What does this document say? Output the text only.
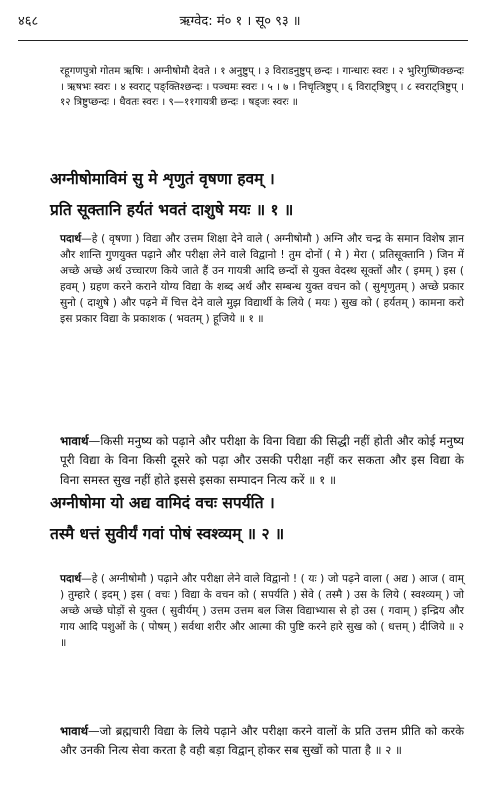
४६८	ऋग्वेद: मं० १ । सू० ९३ ॥

रहूगणपुत्रो गोतम ऋषिः । अग्नीषोमौ देवते । १ अनुष्टुप् । ३ विराडनुष्टुप् छन्दः । गान्धारः स्वरः । २ भुरिगुष्णिक्छन्दः । ऋषभः स्वरः । ४ स्वराट् पङ्क्तिश्छन्दः । पञ्चमः स्वरः । ५ । ७ । निचृत्त्रिष्टुप् । ६ विराट्त्रिष्टुप् । ८ स्वराट्त्रिष्टुप् । १२ त्रिष्टुप्छन्दः । धैवतः स्वरः । ९—११गायत्री छन्दः । षड्जः स्वरः ॥

अग्नीषोमाविमं सु मे शृणुतं वृषणा हवम् ।
प्रति सूक्तानि हर्यतं भवतं दाशुषे मयः ॥ १ ॥

पदार्थ—हे ( वृषणा ) विद्या और उत्तम शिक्षा देने वाले ( अग्नीषोमौ ) अग्नि और चन्द्र के समान विशेष ज्ञान और शान्ति गुणयुक्त पढ़ाने और परीक्षा लेने वाले विद्वानो ! तुम दोनों ( मे ) मेरा ( प्रतिसूक्तानि ) जिन में अच्छे अच्छे अर्थ उच्चारण किये जाते हैं उन गायत्री आदि छन्दों से युक्त वेदस्थ सूक्तों और ( इमम् ) इस ( हवम् ) ग्रहण करने कराने योग्य विद्या के शब्द अर्थ और सम्बन्ध युक्त वचन को ( सुशृणुतम् ) अच्छे प्रकार सुनो ( दाशुषे ) और पढ़ने में चित्त देने वाले मुझ विद्यार्थी के लिये ( मयः ) सुख को ( हर्यतम् ) कामना करो इस प्रकार विद्या के प्रकाशक ( भवतम् ) हूजिये ॥ १ ॥

भावार्थ—किसी मनुष्य को पढ़ाने और परीक्षा के विना विद्या की सिद्धी नहीं होती और कोई मनुष्य पूरी विद्या के विना किसी दूसरे को पढ़ा और उसकी परीक्षा नहीं कर सकता और इस विद्या के विना समस्त सुख नहीं होते इससे इसका सम्पादन नित्य करें ॥ १ ॥

अग्नीषोमा यो अद्य वामिदं वचः सपर्यति ।
तस्मै धत्तं सुवीर्यं गवां पोषं स्वश्व्यम् ॥ २ ॥

पदार्थ—हे ( अग्नीषोमौ ) पढ़ाने और परीक्षा लेने वाले विद्वानो ! ( यः ) जो पढ़ने वाला ( अद्य ) आज ( वाम् ) तुम्हारे ( इदम् ) इस ( वचः ) विद्या के वचन को ( सपर्यति ) सेवे ( तस्मै ) उस के लिये ( स्वश्व्यम् ) जो अच्छे अच्छे घोड़ों से युक्त ( सुवीर्यम् ) उत्तम उत्तम बल जिस विद्याभ्यास से हो उस ( गवाम् ) इन्द्रिय और गाय आदि पशुओं के ( पोषम् ) सर्वथा शरीर और आत्मा की पुष्टि करने हारे सुख को ( धत्तम् ) दीजिये ॥ २ ॥

भावार्थ—जो ब्रह्मचारी विद्या के लिये पढ़ाने और परीक्षा करने वालों के प्रति उत्तम प्रीति को करके और उनकी नित्य सेवा करता है वही बड़ा विद्वान् होकर सब सुखों को पाता है ॥ २ ॥
